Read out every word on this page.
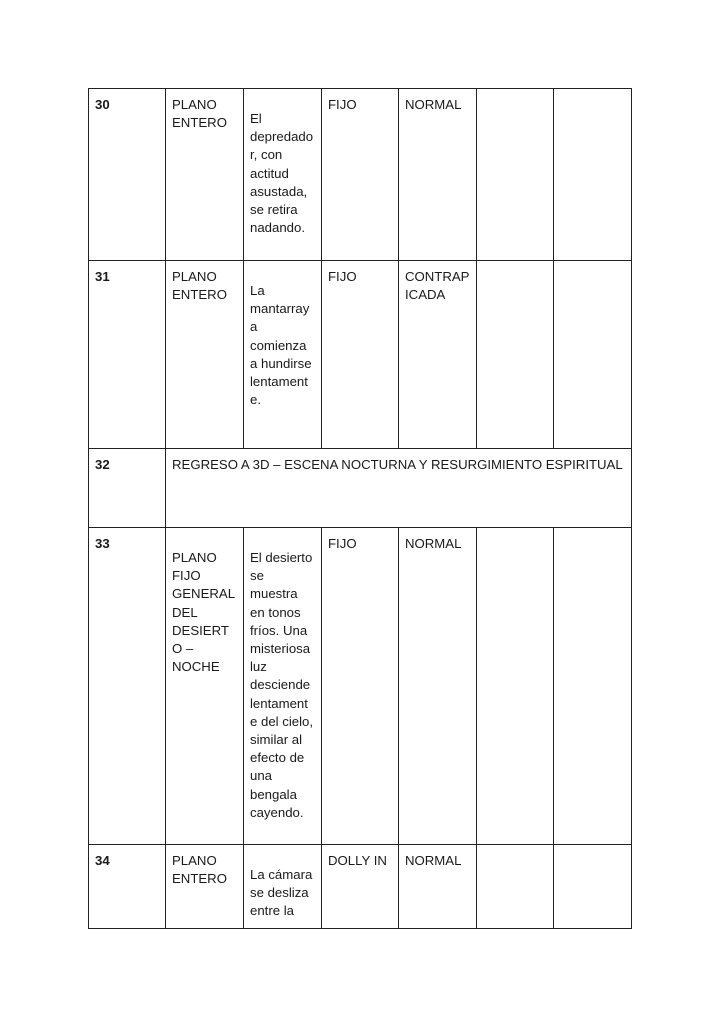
30	PLANO ENTERO	El depredador, con actitud asustada, se retira nadando.	FIJO	NORMAL		
31	PLANO ENTERO	La mantarraya comienza a hundirse lentamente.	FIJO	CONTRAPICADA		
32	REGRESO A 3D – ESCENA NOCTURNA Y RESURGIMIENTO ESPIRITUAL					

33	PLANO FIJO GENERAL DEL DESIERTO – NOCHE	El desierto se muestra en tonos fríos. Una misteriosa luz desciende lentamente del cielo, similar al efecto de una bengala cayendo.	FIJO	NORMAL		
34	PLANO ENTERO	La cámara se desliza entre la	DOLLY IN	NORMAL		
